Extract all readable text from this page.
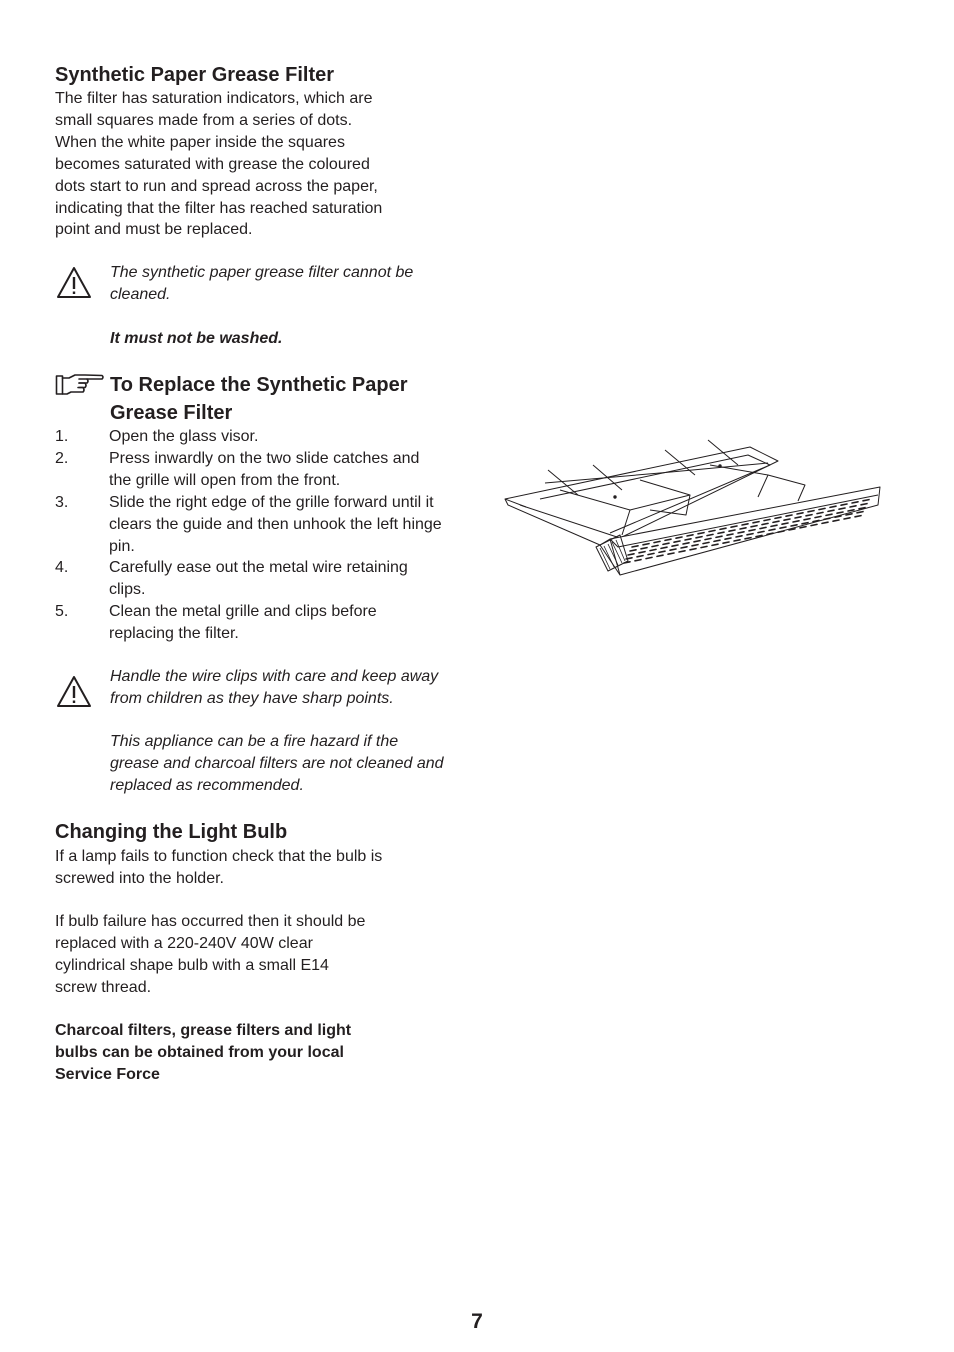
Synthetic Paper Grease Filter
The filter has saturation indicators, which are
small squares made from a series of dots.
When the white paper inside the squares
becomes saturated with grease the coloured
dots start to run and spread across the paper,
indicating that the filter has reached saturation
point and must be replaced.
The synthetic paper grease filter cannot be
cleaned.
It must not be washed.
To Replace the Synthetic Paper
Grease Filter
1.	Open the glass visor.
2.	Press inwardly on the two slide catches and
the grille will open from the front.
3.	Slide the right edge of the grille forward until it
clears the guide and then unhook the left hinge
pin.
4.	Carefully ease out the metal wire retaining
clips.
5.	Clean the metal grille and clips before
replacing the filter.
Handle the wire clips with care and keep away
from children as they have sharp points.
This appliance can be a fire hazard if the
grease and charcoal filters are not cleaned and
replaced as recommended.
Changing the Light Bulb
If a lamp fails to function check that the bulb is
screwed into the holder.
If bulb failure has occurred then it should be
replaced with a 220-240V 40W clear
cylindrical shape bulb with a small E14
screw thread.
Charcoal filters, grease filters and light
bulbs can be obtained from your local
Service Force
7
